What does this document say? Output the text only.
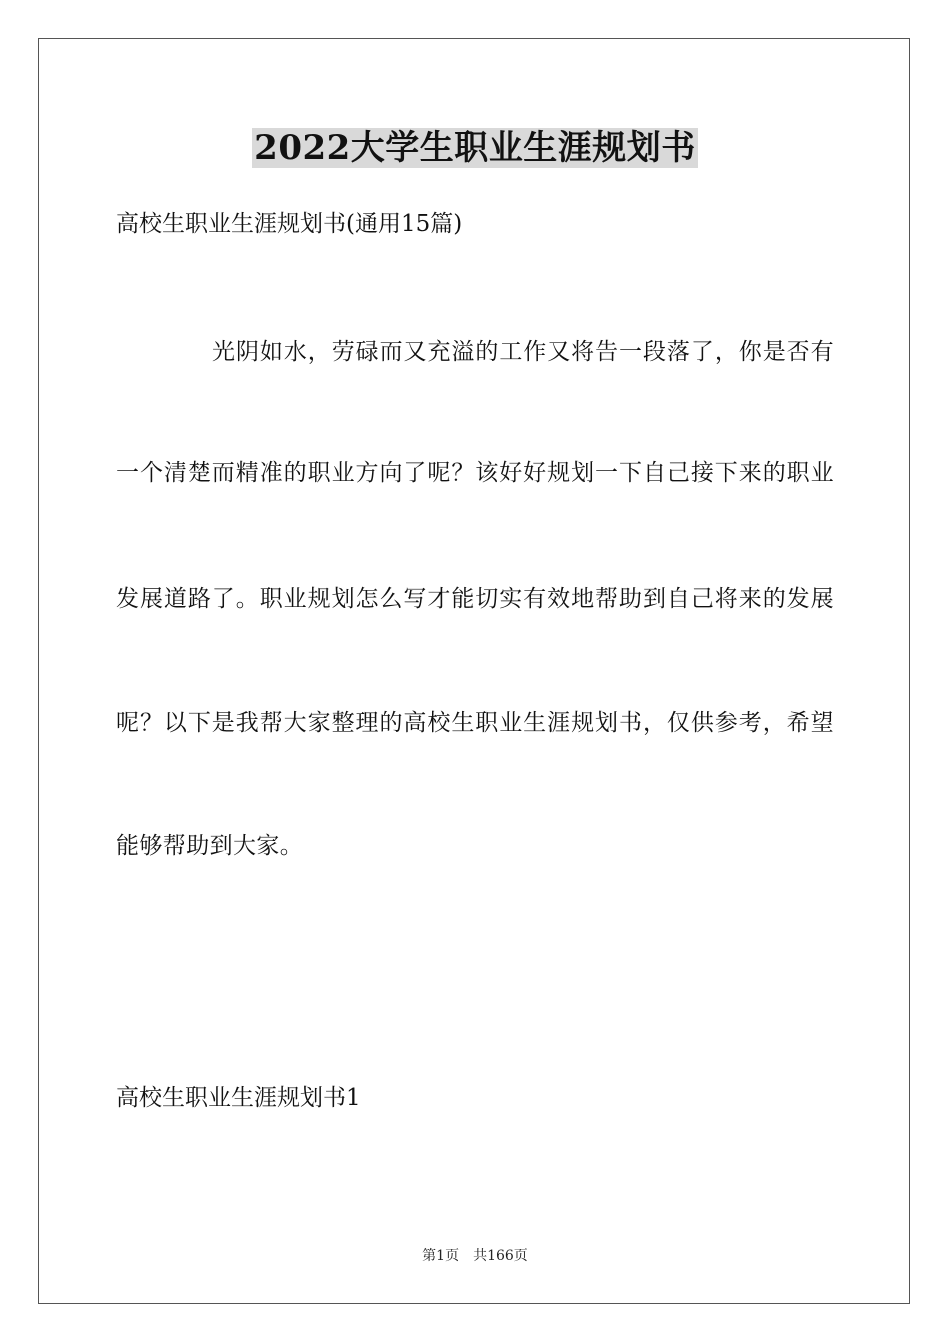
2022大学生职业生涯规划书
高校生职业生涯规划书(通用15篇)
光阴如水，劳碌而又充溢的工作又将告一段落了，你是否有
一个清楚而精准的职业方向了呢？该好好规划一下自己接下来的职业
发展道路了。职业规划怎么写才能切实有效地帮助到自己将来的发展
呢？以下是我帮大家整理的高校生职业生涯规划书，仅供参考，希望
能够帮助到大家。
高校生职业生涯规划书1
第1页　共166页
